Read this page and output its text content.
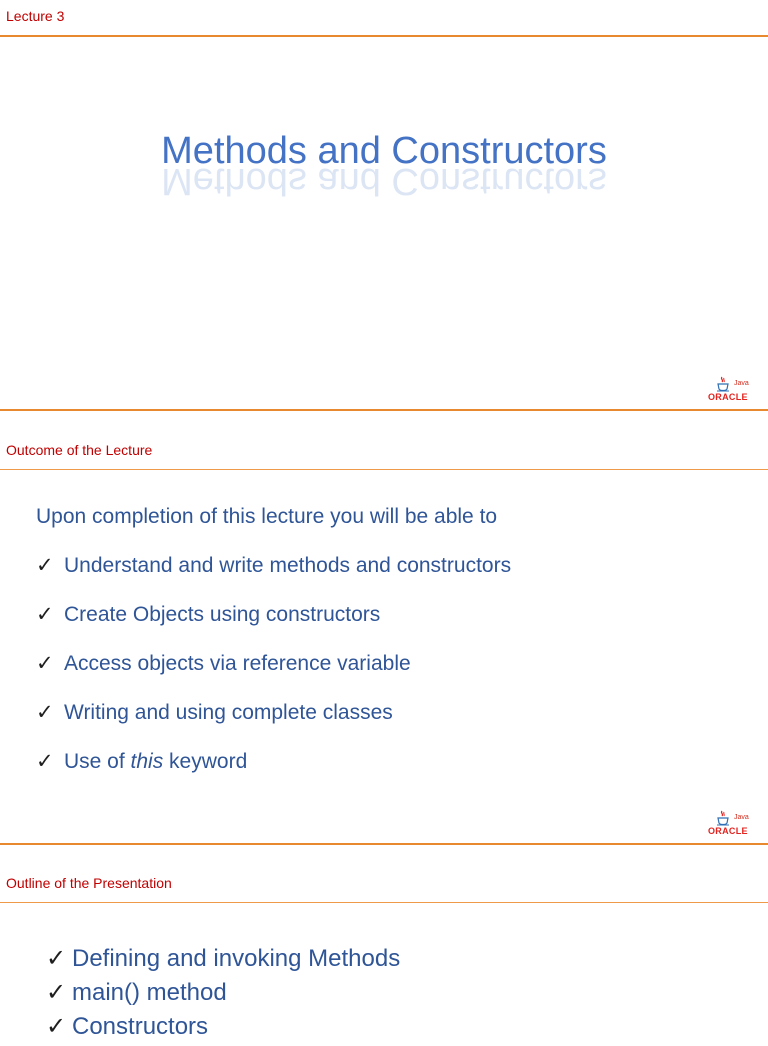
Lecture 3
Methods and Constructors
Methods and Constructors
Java
ORACLE
Outcome of the Lecture
Upon completion of this lecture you will be able to
✓ Understand and write methods and constructors
✓ Create Objects using constructors
✓ Access objects via reference variable
✓ Writing and using complete classes
✓ Use of this keyword
Java
ORACLE
Outline of the Presentation
✓ Defining and invoking Methods
✓ main() method
✓ Constructors
